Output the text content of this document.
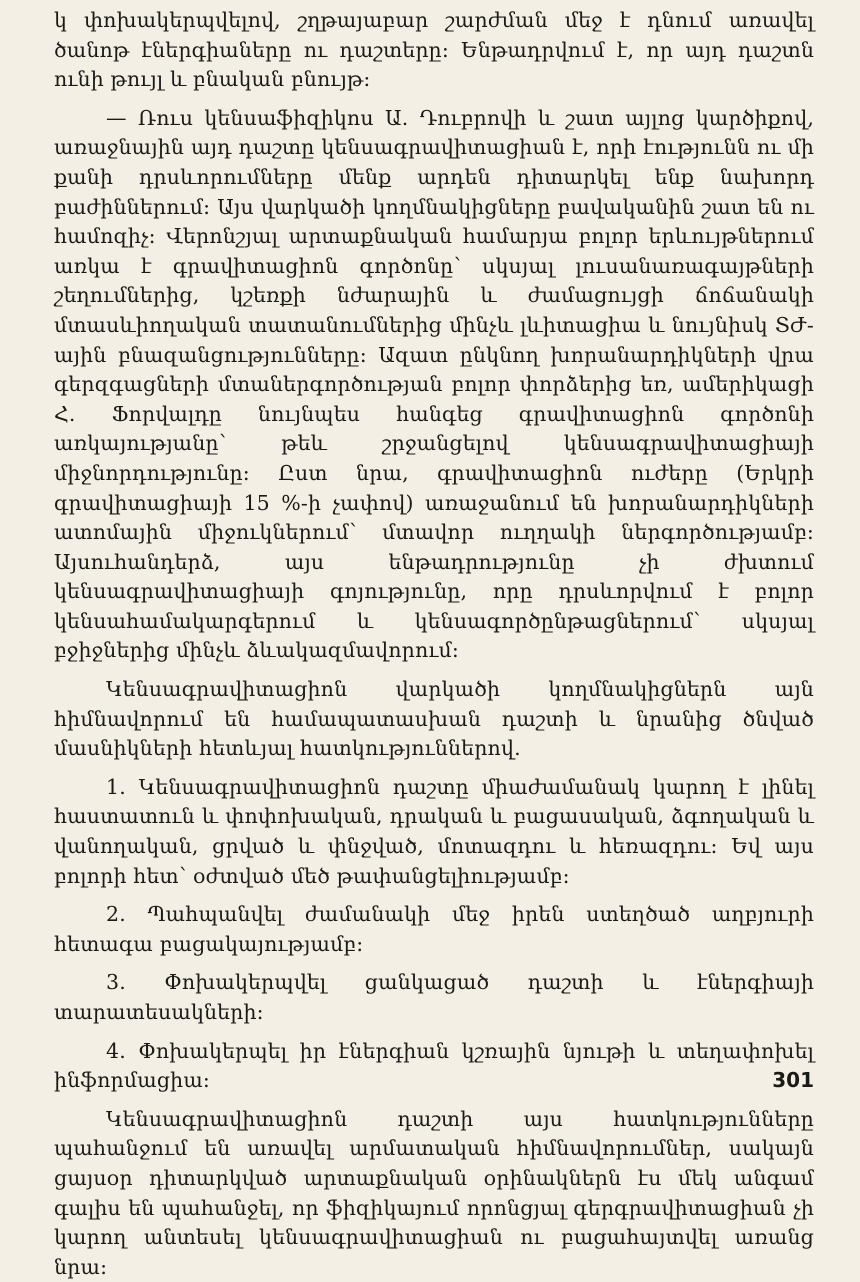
կ փոխակերպվելով, շղթայաբար շարժման մեջ է դնում առավել ծանոթ էներգիաները ու դաշտերը։ Ենթադրվում է, որ այդ դաշտն ունի թույլ և բնական բնույթ։

— Ռուս կենսաֆիզիկոս Ա. Դուբրովի և շատ այլոց կարծիքով, առաջնային այդ դաշտը կենսագրավիտացիան է, որի էությունն ու մի քանի դրսևորումները մենք արդեն դիտարկել ենք նախորդ բաժիններում։ Այս վարկածի կողմնակիցները բավականին շատ են ու համոզիչ։ Վերոնշյալ արտաքնական համարյա բոլոր երևույթներում առկա է գրավիտացիոն գործոնը՝ սկսյալ լուսանառագայթների շեղումներից, կշեռքի նժարային և ժամացույցի ճոճանակի մտասևիողական տատանումներից մինչև լևիտացիա և նույնիսկ ՏԺ-ային բնազանցությունները։ Ազատ ընկնող խորանարդիկների վրա գերզգացների մտաներգործության բոլոր փորձերից եռ, ամերիկացի Հ. Ֆորվալդը նույնպես հանգեց գրավիտացիոն գործոնի առկայությանը՝ թեև շրջանցելով կենսագրավիտացիայի միջնորդությունը։ Ըստ նրա, գրավիտացիոն ուժերը (Երկրի գրավիտացիայի 15 %-ի չափով) առաջանում են խորանարդիկների ատոմային միջուկներում՝ մտավոր ուղղակի ներգործությամբ։ Այսուհանդերձ, այս ենթադրությունը չի ժխտում կենսագրավիտացիայի գոյությունը, որը դրսևորվում է բոլոր կենսահամակարգերում և կենսագործընթացներում՝ սկսյալ բջիջներից մինչև ձևակազմավորում։

Կենսագրավիտացիոն վարկածի կողմնակիցներն այն հիմնավորում են համապատասխան դաշտի և նրանից ծնված մասնիկների հետևյալ հատկություններով.

1. Կենսագրավիտացիոն դաշտը միաժամանակ կարող է լինել հաստատուն և փոփոխական, դրական և բացասական, ձգողական և վանողական, ցրված և փնջված, մոտազդու և հեռազդու։ Եվ այս բոլորի հետ՝ օժտված մեծ թափանցելիությամբ։

2. Պահպանվել ժամանակի մեջ իրեն ստեղծած աղբյուրի հետագա բացակայությամբ։

3. Փոխակերպվել ցանկացած դաշտի և էներգիայի տարատեսակների։

4. Փոխակերպել իր էներգիան կշռային նյութի և տեղափոխել ինֆորմացիա։

Կենսագրավիտացիոն դաշտի այս հատկությունները պահանջում են առավել արմատական հիմնավորումներ, սակայն ցայսօր դիտարկված արտաքնական օրինակներն էս մեկ անգամ գալիս են պահանջել, որ ֆիզիկայում որոնցյալ գերգրավիտացիան չի կարող անտեսել կենսագրավիտացիան ու բացահայտվել առանց նրա։

301
